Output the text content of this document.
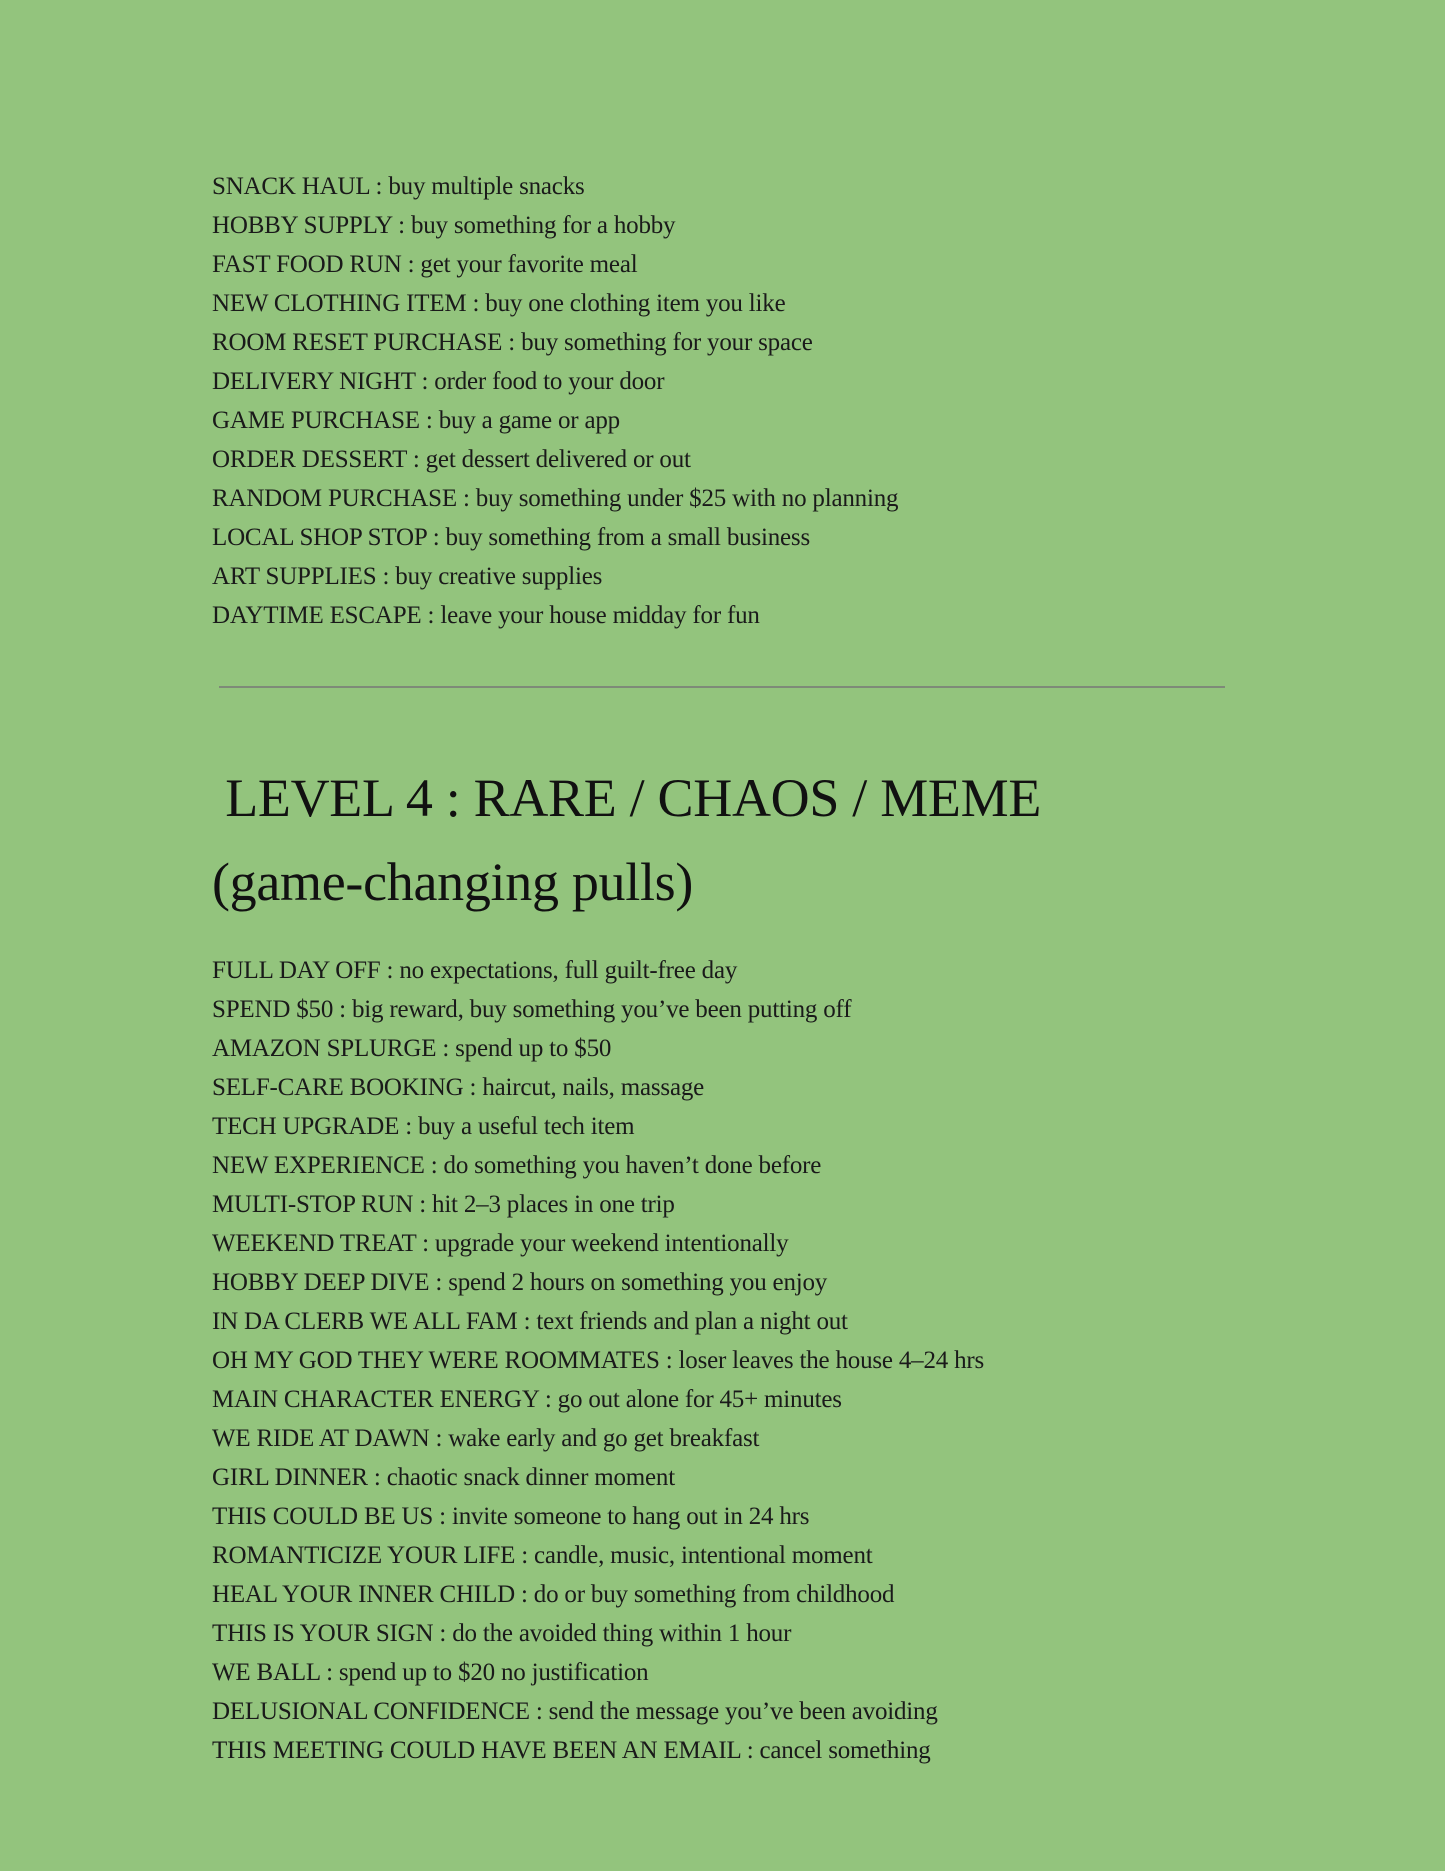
SNACK HAUL : buy multiple snacks
HOBBY SUPPLY : buy something for a hobby
FAST FOOD RUN : get your favorite meal
NEW CLOTHING ITEM : buy one clothing item you like
ROOM RESET PURCHASE : buy something for your space
DELIVERY NIGHT : order food to your door
GAME PURCHASE : buy a game or app
ORDER DESSERT : get dessert delivered or out
RANDOM PURCHASE : buy something under $25 with no planning
LOCAL SHOP STOP : buy something from a small business
ART SUPPLIES : buy creative supplies
DAYTIME ESCAPE : leave your house midday for fun
LEVEL 4 : RARE / CHAOS / MEME
(game-changing pulls)
FULL DAY OFF : no expectations, full guilt-free day
SPEND $50 : big reward, buy something you’ve been putting off
AMAZON SPLURGE : spend up to $50
SELF-CARE BOOKING : haircut, nails, massage
TECH UPGRADE : buy a useful tech item
NEW EXPERIENCE : do something you haven’t done before
MULTI-STOP RUN : hit 2–3 places in one trip
WEEKEND TREAT : upgrade your weekend intentionally
HOBBY DEEP DIVE : spend 2 hours on something you enjoy
IN DA CLERB WE ALL FAM : text friends and plan a night out
OH MY GOD THEY WERE ROOMMATES : loser leaves the house 4–24 hrs
MAIN CHARACTER ENERGY : go out alone for 45+ minutes
WE RIDE AT DAWN : wake early and go get breakfast
GIRL DINNER : chaotic snack dinner moment
THIS COULD BE US : invite someone to hang out in 24 hrs
ROMANTICIZE YOUR LIFE : candle, music, intentional moment
HEAL YOUR INNER CHILD : do or buy something from childhood
THIS IS YOUR SIGN : do the avoided thing within 1 hour
WE BALL : spend up to $20 no justification
DELUSIONAL CONFIDENCE : send the message you’ve been avoiding
THIS MEETING COULD HAVE BEEN AN EMAIL : cancel something
